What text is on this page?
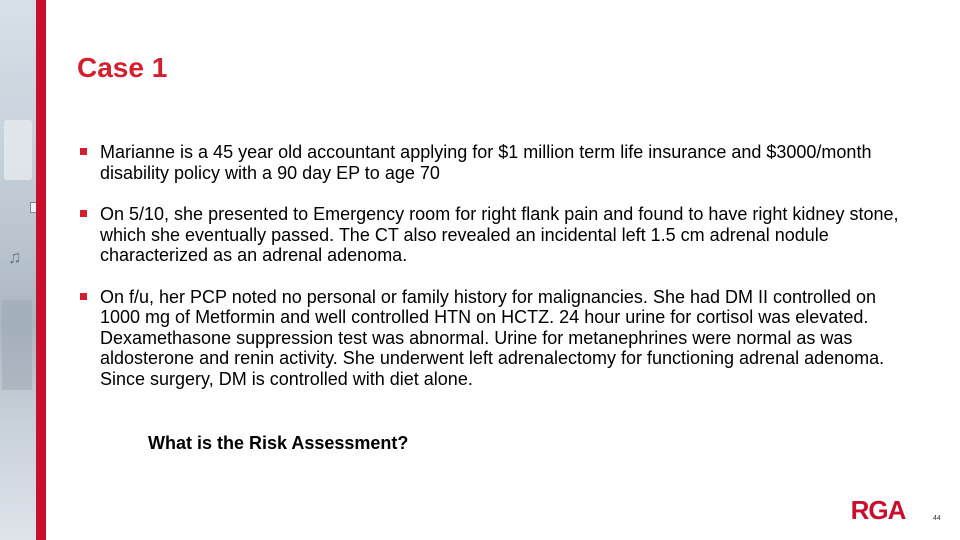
♫
Case 1
Marianne is a 45 year old accountant applying for $1 million term life insurance and $3000/month disability policy with a 90 day EP to age 70
On 5/10, she presented to Emergency room for right flank pain and found to have right kidney stone, which she eventually passed. The CT also revealed an incidental left 1.5 cm adrenal nodule characterized as an adrenal adenoma.
On f/u, her PCP noted no personal or family history for malignancies. She had DM II controlled on 1000 mg of Metformin and well controlled HTN on HCTZ. 24 hour urine for cortisol was elevated. Dexamethasone suppression test was abnormal. Urine for metanephrines were normal as was aldosterone and renin activity. She underwent left adrenalectomy for functioning adrenal adenoma. Since surgery, DM is controlled with diet alone.
What is the Risk Assessment?
RGA	44
